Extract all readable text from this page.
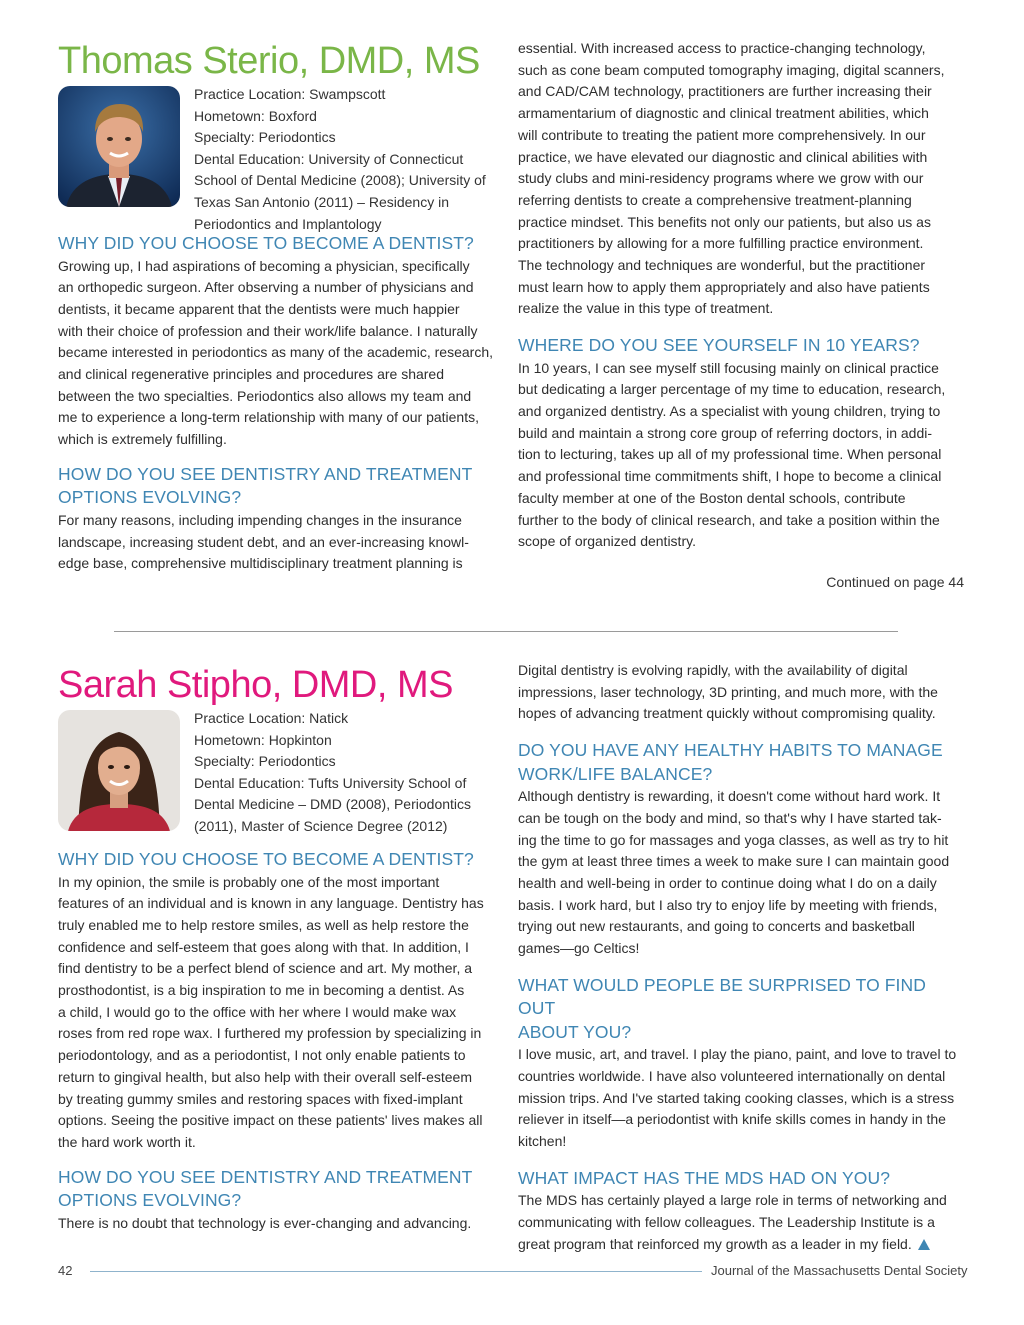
Thomas Sterio, DMD, MS
Practice Location: Swampscott
Hometown: Boxford
Specialty: Periodontics
Dental Education: University of Connecticut
School of Dental Medicine (2008); University of
Texas San Antonio (2011) – Residency in
Periodontics and Implantology
WHY DID YOU CHOOSE TO BECOME A DENTIST?
Growing up, I had aspirations of becoming a physician, specifically
an orthopedic surgeon. After observing a number of physicians and
dentists, it became apparent that the dentists were much happier
with their choice of profession and their work/life balance. I naturally
became interested in periodontics as many of the academic, research,
and clinical regenerative principles and procedures are shared
between the two specialties. Periodontics also allows my team and
me to experience a long-term relationship with many of our patients,
which is extremely fulfilling.
HOW DO YOU SEE DENTISTRY AND TREATMENT
OPTIONS EVOLVING?
For many reasons, including impending changes in the insurance
landscape, increasing student debt, and an ever-increasing knowl-
edge base, comprehensive multidisciplinary treatment planning is
essential. With increased access to practice-changing technology,
such as cone beam computed tomography imaging, digital scanners,
and CAD/CAM technology, practitioners are further increasing their
armamentarium of diagnostic and clinical treatment abilities, which
will contribute to treating the patient more comprehensively. In our
practice, we have elevated our diagnostic and clinical abilities with
study clubs and mini-residency programs where we grow with our
referring dentists to create a comprehensive treatment-planning
practice mindset. This benefits not only our patients, but also us as
practitioners by allowing for a more fulfilling practice environment.
The technology and techniques are wonderful, but the practitioner
must learn how to apply them appropriately and also have patients
realize the value in this type of treatment.
WHERE DO YOU SEE YOURSELF IN 10 YEARS?
In 10 years, I can see myself still focusing mainly on clinical practice
but dedicating a larger percentage of my time to education, research,
and organized dentistry. As a specialist with young children, trying to
build and maintain a strong core group of referring doctors, in addi-
tion to lecturing, takes up all of my professional time. When personal
and professional time commitments shift, I hope to become a clinical
faculty member at one of the Boston dental schools, contribute
further to the body of clinical research, and take a position within the
scope of organized dentistry.
Continued on page 44
Sarah Stipho, DMD, MS
Practice Location: Natick
Hometown: Hopkinton
Specialty: Periodontics
Dental Education: Tufts University School of
Dental Medicine – DMD (2008), Periodontics
(2011), Master of Science Degree (2012)
WHY DID YOU CHOOSE TO BECOME A DENTIST?
In my opinion, the smile is probably one of the most important
features of an individual and is known in any language. Dentistry has
truly enabled me to help restore smiles, as well as help restore the
confidence and self-esteem that goes along with that. In addition, I
find dentistry to be a perfect blend of science and art. My mother, a
prosthodontist, is a big inspiration to me in becoming a dentist. As
a child, I would go to the office with her where I would make wax
roses from red rope wax. I furthered my profession by specializing in
periodontology, and as a periodontist, I not only enable patients to
return to gingival health, but also help with their overall self-esteem
by treating gummy smiles and restoring spaces with fixed-implant
options. Seeing the positive impact on these patients' lives makes all
the hard work worth it.
HOW DO YOU SEE DENTISTRY AND TREATMENT
OPTIONS EVOLVING?
There is no doubt that technology is ever-changing and advancing.
Digital dentistry is evolving rapidly, with the availability of digital
impressions, laser technology, 3D printing, and much more, with the
hopes of advancing treatment quickly without compromising quality.
DO YOU HAVE ANY HEALTHY HABITS TO MANAGE
WORK/LIFE BALANCE?
Although dentistry is rewarding, it doesn't come without hard work. It
can be tough on the body and mind, so that's why I have started tak-
ing the time to go for massages and yoga classes, as well as try to hit
the gym at least three times a week to make sure I can maintain good
health and well-being in order to continue doing what I do on a daily
basis. I work hard, but I also try to enjoy life by meeting with friends,
trying out new restaurants, and going to concerts and basketball
games—go Celtics!
WHAT WOULD PEOPLE BE SURPRISED TO FIND OUT
ABOUT YOU?
I love music, art, and travel. I play the piano, paint, and love to travel to
countries worldwide. I have also volunteered internationally on dental
mission trips. And I've started taking cooking classes, which is a stress
reliever in itself—a periodontist with knife skills comes in handy in the
kitchen!
WHAT IMPACT HAS THE MDS HAD ON YOU?
The MDS has certainly played a large role in terms of networking and
communicating with fellow colleagues. The Leadership Institute is a
great program that reinforced my growth as a leader in my field.
42	Journal of the Massachusetts Dental Society
